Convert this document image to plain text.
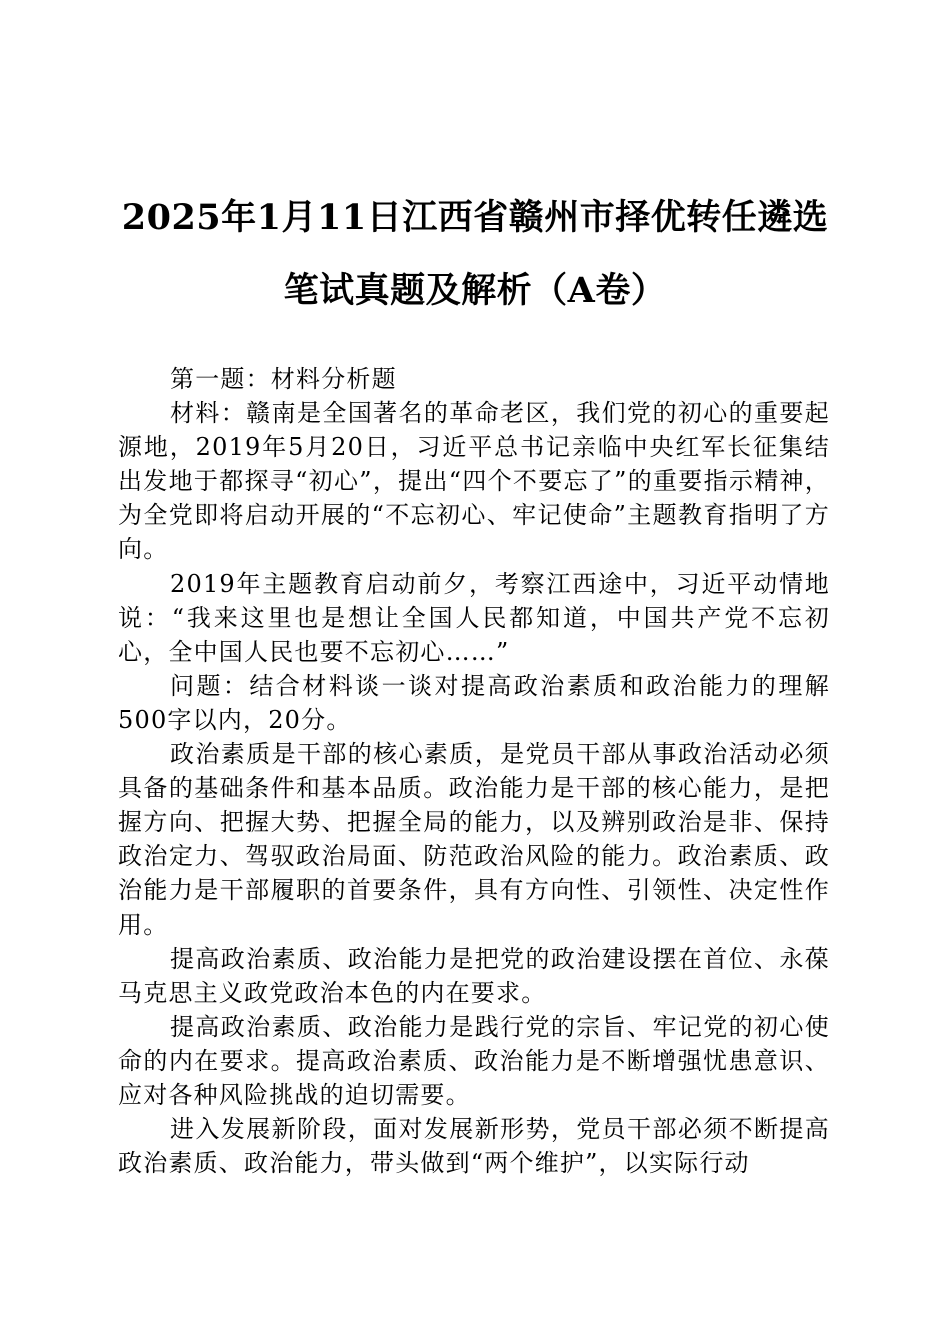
2025年1月11日江西省赣州市择优转任遴选
笔试真题及解析（A卷）

第一题：材料分析题

材料：赣南是全国著名的革命老区，我们党的初心的重要起源地，2019年5月20日，习近平总书记亲临中央红军长征集结出发地于都探寻“初心”，提出“四个不要忘了”的重要指示精神，为全党即将启动开展的“不忘初心、牢记使命”主题教育指明了方向。

2019年主题教育启动前夕，考察江西途中，习近平动情地说：“我来这里也是想让全国人民都知道，中国共产党不忘初心，全中国人民也要不忘初心……”

问题：结合材料谈一谈对提高政治素质和政治能力的理解500字以内，20分。

政治素质是干部的核心素质，是党员干部从事政治活动必须具备的基础条件和基本品质。政治能力是干部的核心能力，是把握方向、把握大势、把握全局的能力，以及辨别政治是非、保持政治定力、驾驭政治局面、防范政治风险的能力。政治素质、政治能力是干部履职的首要条件，具有方向性、引领性、决定性作用。

提高政治素质、政治能力是把党的政治建设摆在首位、永葆马克思主义政党政治本色的内在要求。

提高政治素质、政治能力是践行党的宗旨、牢记党的初心使命的内在要求。提高政治素质、政治能力是不断增强忧患意识、应对各种风险挑战的迫切需要。

进入发展新阶段，面对发展新形势，党员干部必须不断提高政治素质、政治能力，带头做到“两个维护”，以实际行动
